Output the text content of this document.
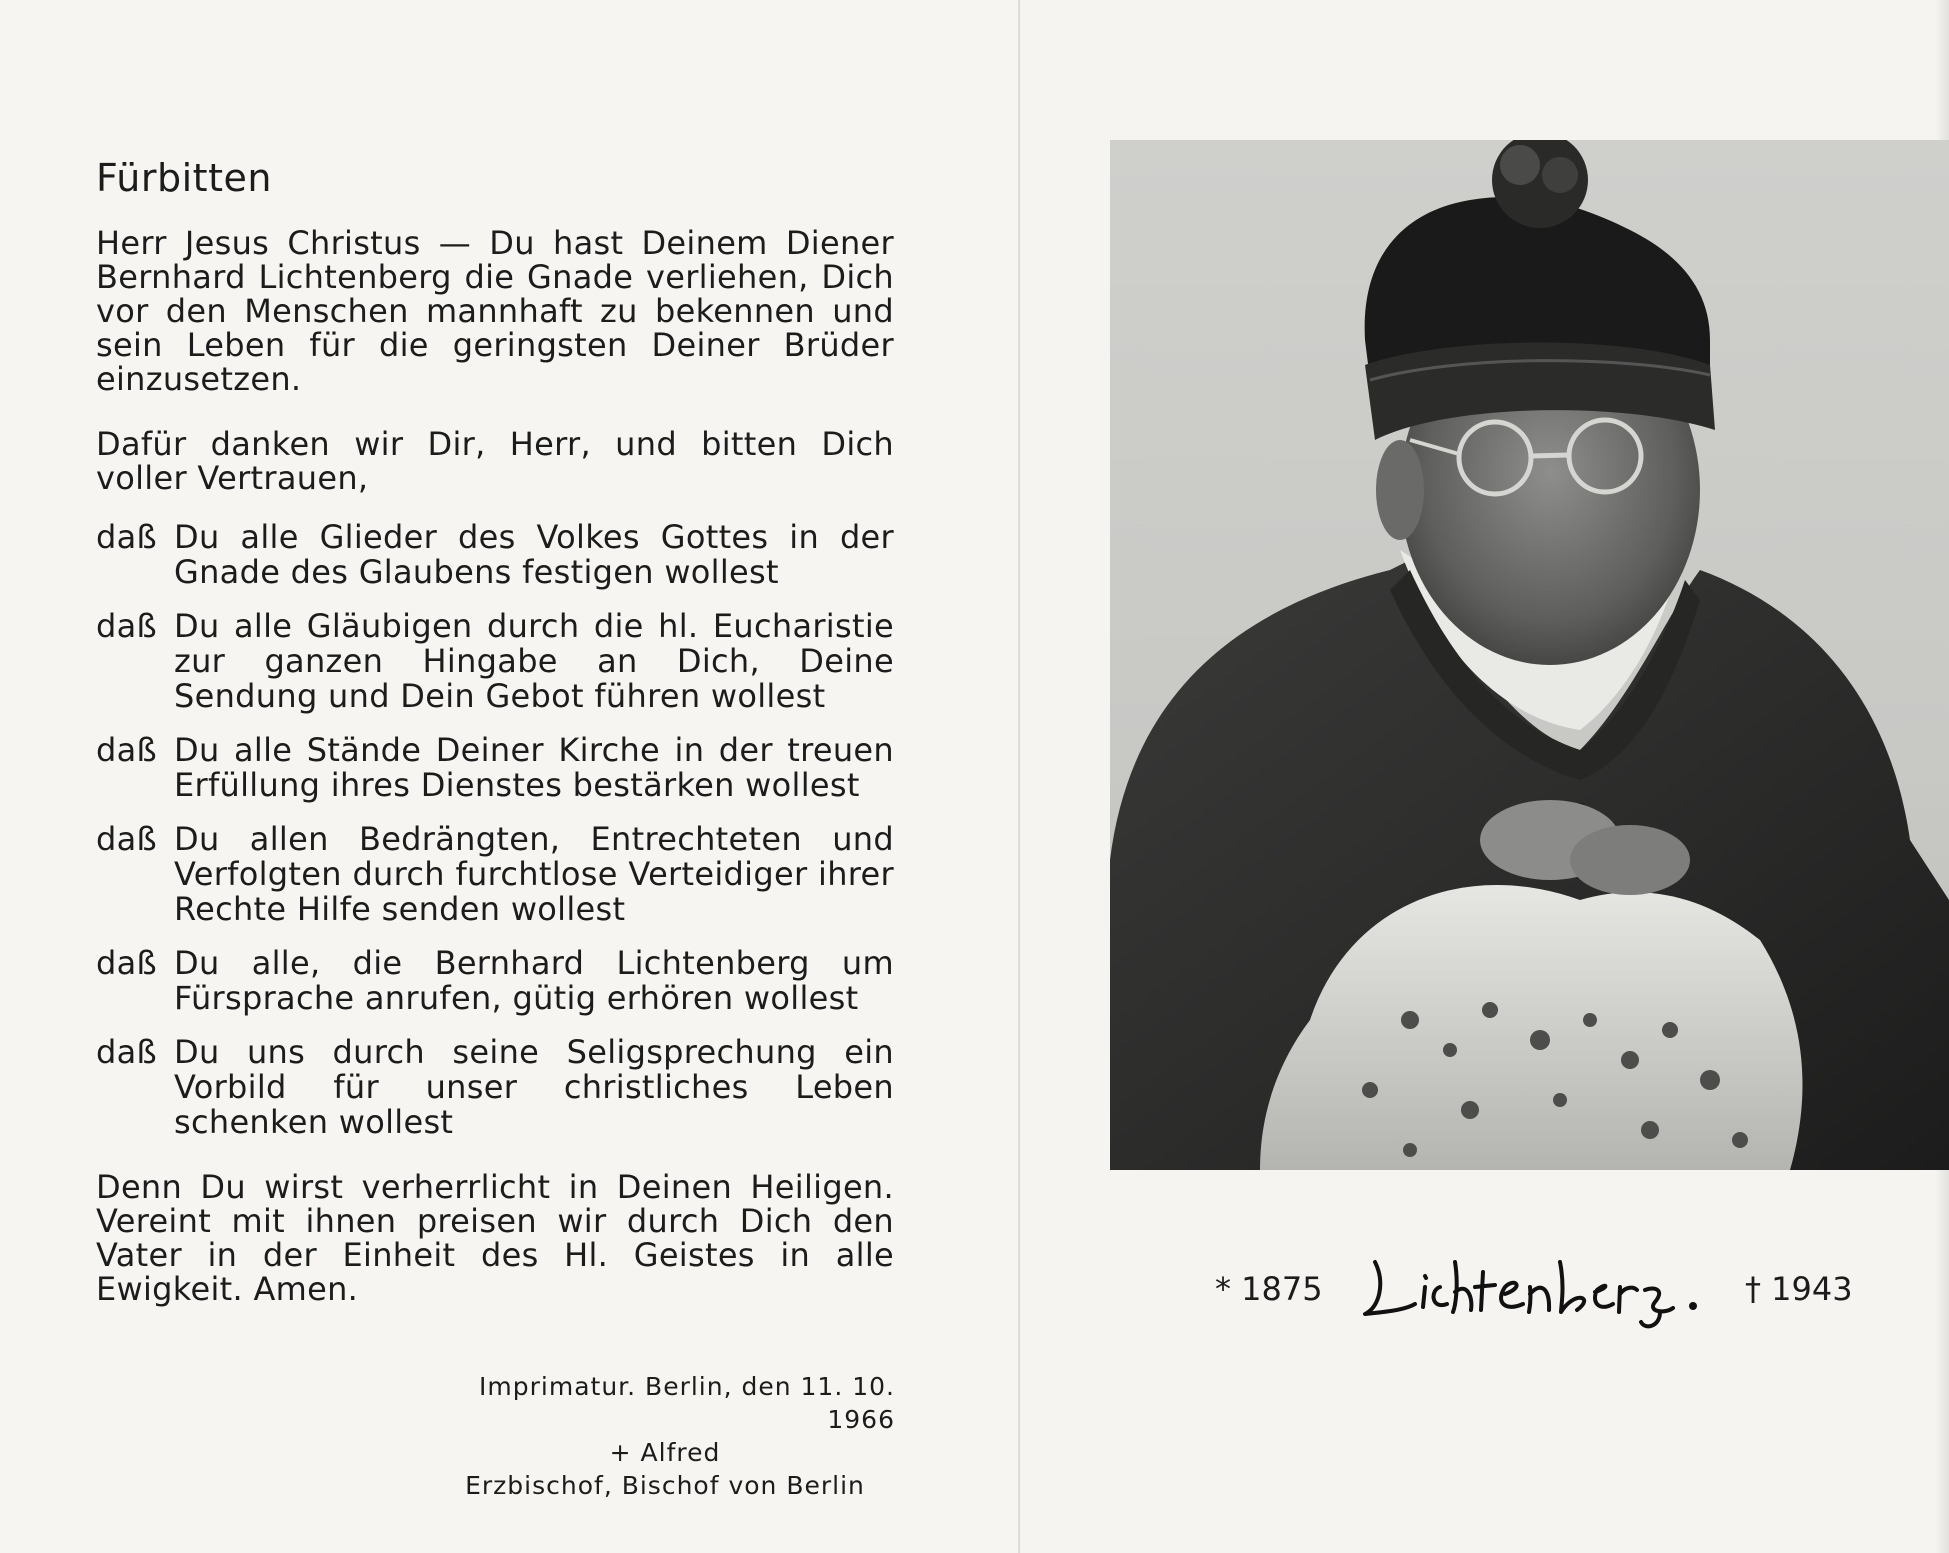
Fürbitten
Herr Jesus Christus — Du hast Deinem Diener Bernhard Lichtenberg die Gnade verliehen, Dich vor den Menschen mannhaft zu bekennen und sein Leben für die geringsten Deiner Brüder einzusetzen.
Dafür danken wir Dir, Herr, und bitten Dich voller Vertrauen,
daß Du alle Glieder des Volkes Gottes in der Gnade des Glaubens festigen wollest
daß Du alle Gläubigen durch die hl. Eucharistie zur ganzen Hingabe an Dich, Deine Sendung und Dein Gebot führen wollest
daß Du alle Stände Deiner Kirche in der treuen Erfüllung ihres Dienstes bestärken wollest
daß Du allen Bedrängten, Entrechteten und Verfolgten durch furchtlose Verteidiger ihrer Rechte Hilfe senden wollest
daß Du alle, die Bernhard Lichtenberg um Fürsprache anrufen, gütig erhören wollest
daß Du uns durch seine Seligsprechung ein Vorbild für unser christliches Leben schenken wollest
Denn Du wirst verherrlicht in Deinen Heiligen. Vereint mit ihnen preisen wir durch Dich den Vater in der Einheit des Hl. Geistes in alle Ewigkeit. Amen.
Imprimatur. Berlin, den 11. 10. 1966
+ Alfred
Erzbischof, Bischof von Berlin
* 1875	† 1943
